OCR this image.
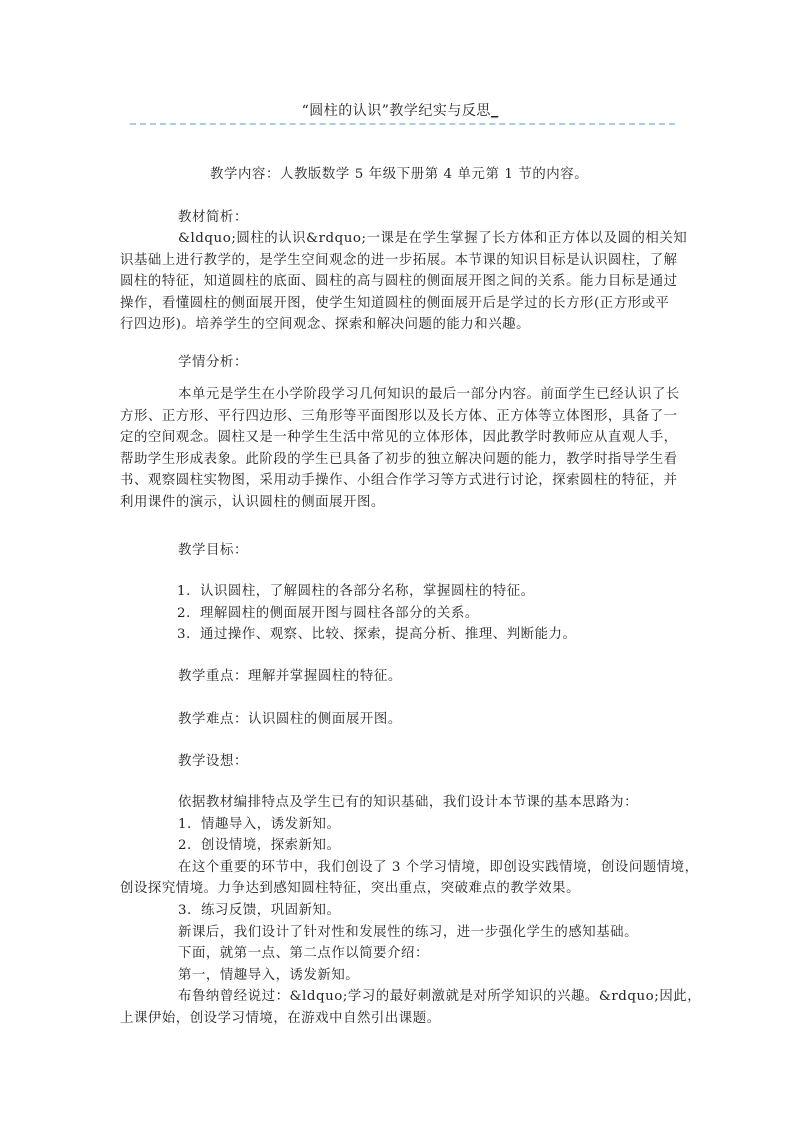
“圆柱的认识”教学纪实与反思_
教学内容：人教版数学 5 年级下册第 4 单元第 1 节的内容。
教材简析：
&ldquo;圆柱的认识&rdquo;一课是在学生掌握了长方体和正方体以及圆的相关知
识基础上进行教学的，是学生空间观念的进一步拓展。本节课的知识目标是认识圆柱，了解
圆柱的特征，知道圆柱的底面、圆柱的高与圆柱的侧面展开图之间的关系。能力目标是通过
操作，看懂圆柱的侧面展开图，使学生知道圆柱的侧面展开后是学过的长方形(正方形或平
行四边形)。培养学生的空间观念、探索和解决问题的能力和兴趣。
学情分析：
本单元是学生在小学阶段学习几何知识的最后一部分内容。前面学生已经认识了长
方形、正方形、平行四边形、三角形等平面图形以及长方体、正方体等立体图形，具备了一
定的空间观念。圆柱又是一种学生生活中常见的立体形体，因此教学时教师应从直观人手，
帮助学生形成表象。此阶段的学生已具备了初步的独立解决问题的能力，教学时指导学生看
书、观察圆柱实物图，采用动手操作、小组合作学习等方式进行讨论，探索圆柱的特征，并
利用课件的演示，认识圆柱的侧面展开图。
教学目标：
1．认识圆柱，了解圆柱的各部分名称，掌握圆柱的特征。
2．理解圆柱的侧面展开图与圆柱各部分的关系。
3．通过操作、观察、比较、探索，提高分析、推理、判断能力。
教学重点：理解并掌握圆柱的特征。
教学难点：认识圆柱的侧面展开图。
教学设想：
依据教材编排特点及学生已有的知识基础，我们设计本节课的基本思路为：
1．情趣导入，诱发新知。
2．创设情境，探索新知。
在这个重要的环节中，我们创设了 3 个学习情境，即创设实践情境，创设问题情境，
创设探究情境。力争达到感知圆柱特征，突出重点，突破难点的教学效果。
3．练习反馈，巩固新知。
新课后，我们设计了针对性和发展性的练习，进一步强化学生的感知基础。
下面，就第一点、第二点作以简要介绍：
第一，情趣导入，诱发新知。
布鲁纳曾经说过：&ldquo;学习的最好刺激就是对所学知识的兴趣。&rdquo;因此，
上课伊始，创设学习情境，在游戏中自然引出课题。
